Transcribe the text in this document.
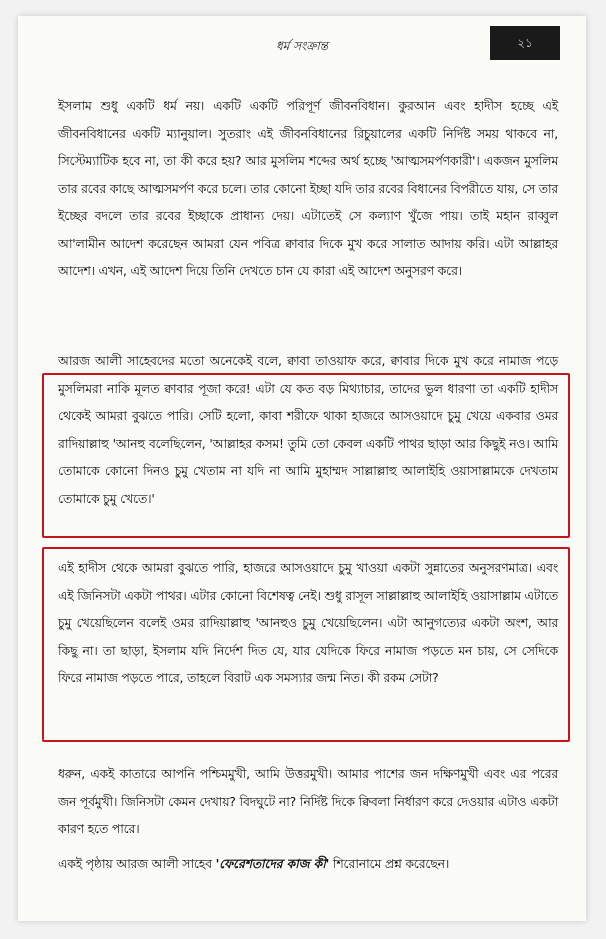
ধর্ম সংক্রান্ত	২১

ইসলাম শুধু একটি ধর্ম নয়। একটি একটি পরিপূর্ণ জীবনবিধান। কুরআন এবং হাদীস হচ্ছে এই জীবনবিধানের একটি ম্যানুয়াল। সুতরাং এই জীবনবিধানের রিচুয়ালের একটি নির্দিষ্ট সময় থাকবে না, সিস্টেম্যাটিক হবে না, তা কী করে হয়? আর মুসলিম শব্দের অর্থ হচ্ছে 'আত্মসমর্পণকারী'। একজন মুসলিম তার রবের কাছে আত্মসমর্পণ করে চলে। তার কোনো ইচ্ছা যদি তার রবের বিধানের বিপরীতে যায়, সে তার ইচ্ছের বদলে তার রবের ইচ্ছাকে প্রাধান্য দেয়। এটাতেই সে কল্যাণ খুঁজে পায়। তাই মহান রাব্বুল আ'লামীন আদেশ করেছেন আমরা যেন পবিত্র ক্বাবার দিকে মুখ করে সালাত আদায় করি। এটা আল্লাহর আদেশ। এখন, এই আদেশ দিয়ে তিনি দেখতে চান যে কারা এই আদেশ অনুসরণ করে।

আরজ আলী সাহেবদের মতো অনেকেই বলে, ক্বাবা তাওয়াফ করে, ক্বাবার দিকে মুখ করে নামাজ পড়ে মুসলিমরা নাকি মূলত ক্বাবার পূজা করে! এটা যে কত বড় মিথ্যাচার, তাদের ভুল ধারণা তা একটি হাদীস থেকেই আমরা বুঝতে পারি। সেটি হলো, কাবা শরীফে থাকা হাজরে আসওয়াদে চুমু খেয়ে একবার ওমর রাদিয়াল্লাহু 'আনহু বলেছিলেন, 'আল্লাহর কসম! তুমি তো কেবল একটি পাথর ছাড়া আর কিছুই নও। আমি তোমাকে কোনো দিনও চুমু খেতাম না যদি না আমি মুহাম্মদ সাল্লাল্লাহু আলাইহি ওয়াসাল্লামকে দেখতাম তোমাকে চুমু খেতে।'

এই হাদীস থেকে আমরা বুঝতে পারি, হাজরে আসওয়াদে চুমু খাওয়া একটা সুন্নাতের অনুসরণমাত্র। এবং এই জিনিসটা একটা পাথর। এটার কোনো বিশেষত্ব নেই। শুধু রাসূল সাল্লাল্লাহু আলাইহি ওয়াসাল্লাম এটাতে চুমু খেয়েছিলেন বলেই ওমর রাদিয়াল্লাহু 'আনহুও চুমু খেয়েছিলেন। এটা আনুগত্যের একটা অংশ, আর কিছু না। তা ছাড়া, ইসলাম যদি নির্দেশ দিত যে, যার যেদিকে ফিরে নামাজ পড়তে মন চায়, সে সেদিকে ফিরে নামাজ পড়তে পারে, তাহলে বিরাট এক সমস্যার জন্ম নিত। কী রকম সেটা?

ধরুন, একই কাতারে আপনি পশ্চিমমুখী, আমি উত্তরমুখী। আমার পাশের জন দক্ষিণমুখী এবং এর পরের জন পূর্বমুখী। জিনিসটা কেমন দেখায়? বিদঘুটে না? নির্দিষ্ট দিকে ক্বিবলা নির্ধারণ করে দেওয়ার এটাও একটা কারণ হতে পারে।

একই পৃষ্ঠায় আরজ আলী সাহেব 'ফেরেশতাদের কাজ কী' শিরোনামে প্রশ্ন করেছেন।
